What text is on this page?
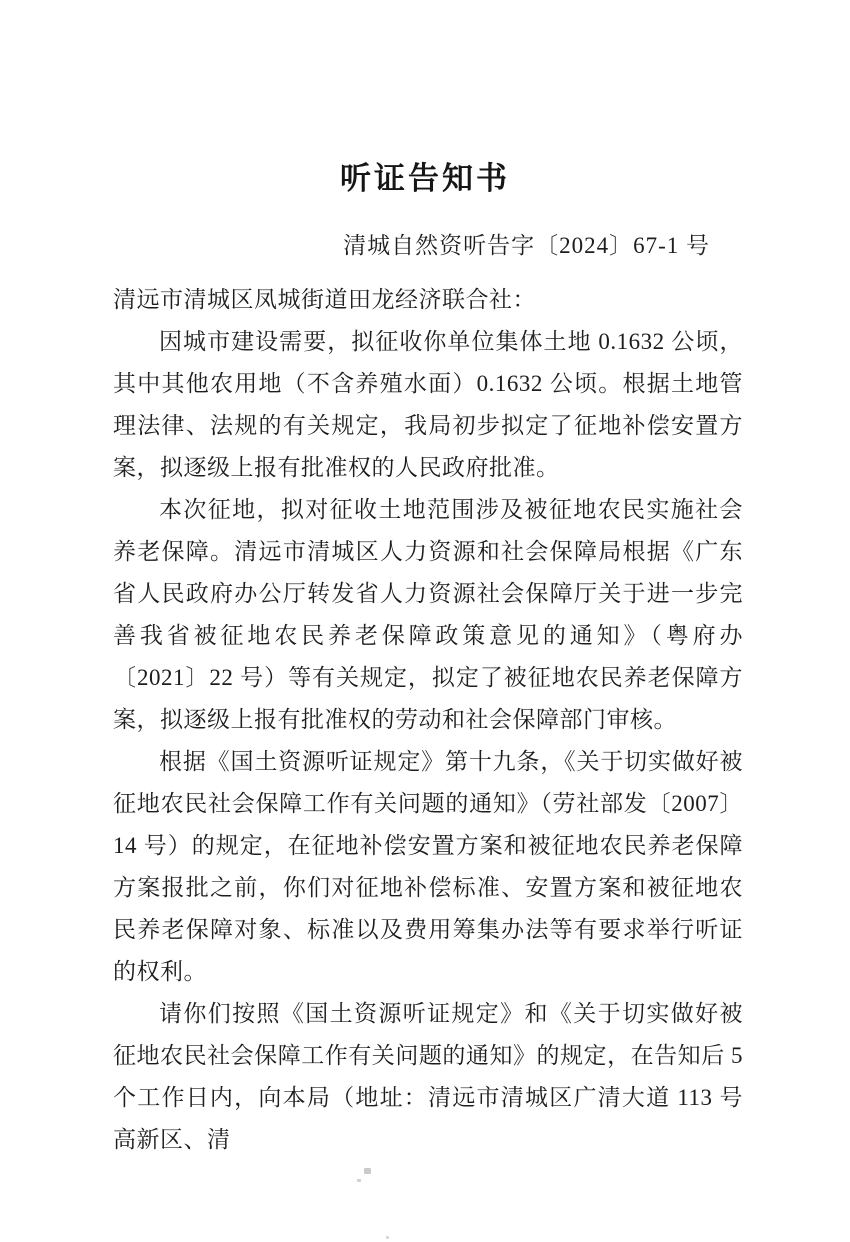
听证告知书
清城自然资听告字〔2024〕67-1 号

清远市清城区凤城街道田龙经济联合社：

因城市建设需要，拟征收你单位集体土地 0.1632 公顷，其中其他农用地（不含养殖水面）0.1632 公顷。根据土地管理法律、法规的有关规定，我局初步拟定了征地补偿安置方案，拟逐级上报有批准权的人民政府批准。

本次征地，拟对征收土地范围涉及被征地农民实施社会养老保障。清远市清城区人力资源和社会保障局根据《广东省人民政府办公厅转发省人力资源社会保障厅关于进一步完善我省被征地农民养老保障政策意见的通知》（粤府办〔2021〕22 号）等有关规定，拟定了被征地农民养老保障方案，拟逐级上报有批准权的劳动和社会保障部门审核。

根据《国土资源听证规定》第十九条，《关于切实做好被征地农民社会保障工作有关问题的通知》（劳社部发〔2007〕14 号）的规定，在征地补偿安置方案和被征地农民养老保障方案报批之前，你们对征地补偿标准、安置方案和被征地农民养老保障对象、标准以及费用筹集办法等有要求举行听证的权利。

请你们按照《国土资源听证规定》和《关于切实做好被征地农民社会保障工作有关问题的通知》的规定，在告知后 5 个工作日内，向本局（地址：清远市清城区广清大道 113 号高新区、清
